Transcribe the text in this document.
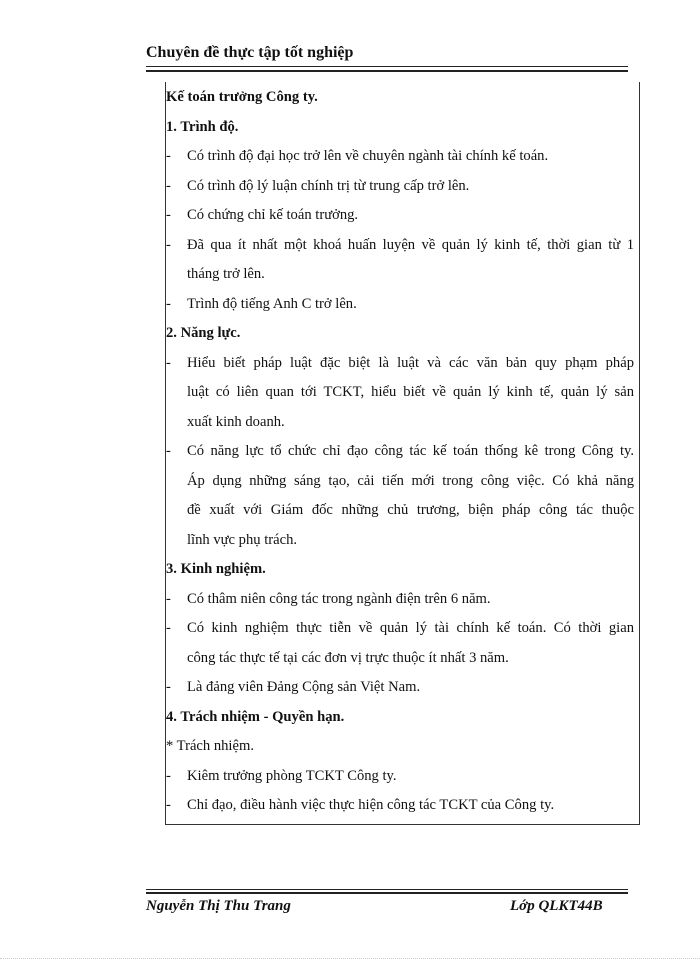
Chuyên đề thực tập tốt nghiệp
Kế toán trưởng Công ty.
1. Trình độ.
- Có trình độ đại học trở lên về chuyên ngành tài chính kế toán.
- Có trình độ lý luận chính trị từ trung cấp trở lên.
- Có chứng chỉ kế toán trưởng.
- Đã qua ít nhất một khoá huấn luyện về quản lý kinh tế, thời gian từ 1
tháng trở lên.
- Trình độ tiếng Anh C trở lên.
2. Năng lực.
- Hiểu biết pháp luật đặc biệt là luật và các văn bản quy phạm pháp
luật có liên quan tới TCKT, hiểu biết về quản lý kinh tế, quản lý sản
xuất kinh doanh.
- Có năng lực tổ chức chỉ đạo công tác kế toán thống kê trong Công ty.
Áp dụng những sáng tạo, cải tiến mới trong công việc. Có khả năng
đề xuất với Giám đốc những chủ trương, biện pháp công tác thuộc
lĩnh vực phụ trách.
3. Kinh nghiệm.
- Có thâm niên công tác trong ngành điện trên 6 năm.
- Có kinh nghiệm thực tiễn về quản lý tài chính kế toán. Có thời gian
công tác thực tế tại các đơn vị trực thuộc ít nhất 3 năm.
- Là đảng viên Đảng Cộng sản Việt Nam.
4. Trách nhiệm - Quyền hạn.
* Trách nhiệm.
- Kiêm trưởng phòng TCKT Công ty.
- Chỉ đạo, điều hành việc thực hiện công tác TCKT của Công ty.
Nguyễn Thị Thu Trang	Lớp QLKT44B
